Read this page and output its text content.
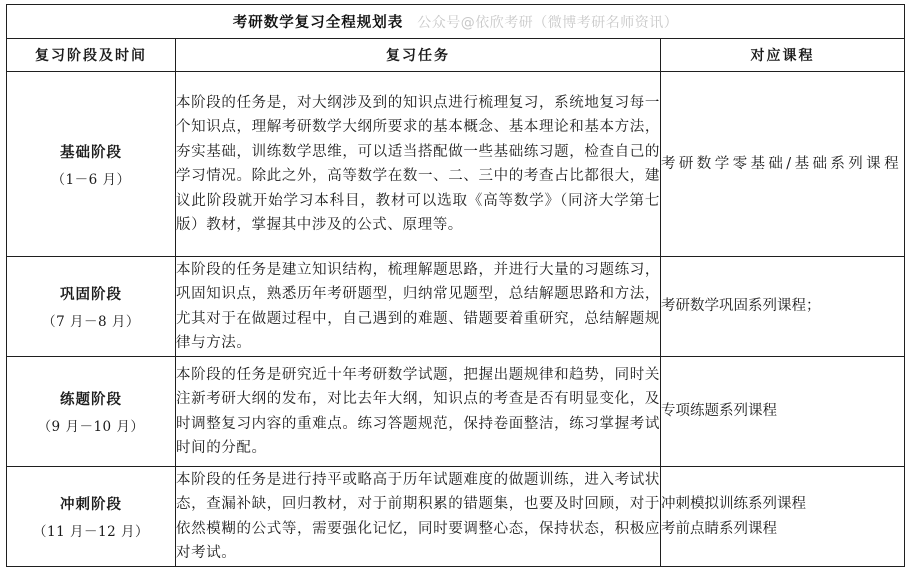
考研数学复习全程规划表 公众号@依欣考研（微博考研名师资讯）		

复习阶段及时间	复习任务	对应课程

基础阶段
（1－6 月）	本阶段的任务是，对大纲涉及到的知识点进行梳理复习，系统地复习每一个知识点，理解考研数学大纲所要求的基本概念、基本理论和基本方法，夯实基础，训练数学思维，可以适当搭配做一些基础练习题，检查自己的学习情况。除此之外，高等数学在数一、二、三中的考查占比都很大，建议此阶段就开始学习本科目，教材可以选取《高等数学》（同济大学第七版）教材，掌握其中涉及的公式、原理等。	考研数学零基础/基础系列课程

巩固阶段
（7 月－8 月）	本阶段的任务是建立知识结构，梳理解题思路，并进行大量的习题练习，巩固知识点，熟悉历年考研题型，归纳常见题型，总结解题思路和方法，尤其对于在做题过程中，自己遇到的难题、错题要着重研究，总结解题规律与方法。	考研数学巩固系列课程；

练题阶段
（9 月－10 月）	本阶段的任务是研究近十年考研数学试题，把握出题规律和趋势，同时关注新考研大纲的发布，对比去年大纲，知识点的考查是否有明显变化，及时调整复习内容的重难点。练习答题规范，保持卷面整洁，练习掌握考试时间的分配。	专项练题系列课程

冲刺阶段
（11 月－12 月）	本阶段的任务是进行持平或略高于历年试题难度的做题训练，进入考试状态，查漏补缺，回归教材，对于前期积累的错题集，也要及时回顾，对于依然模糊的公式等，需要强化记忆，同时要调整心态，保持状态，积极应对考试。	冲刺模拟训练系列课程
考前点睛系列课程
